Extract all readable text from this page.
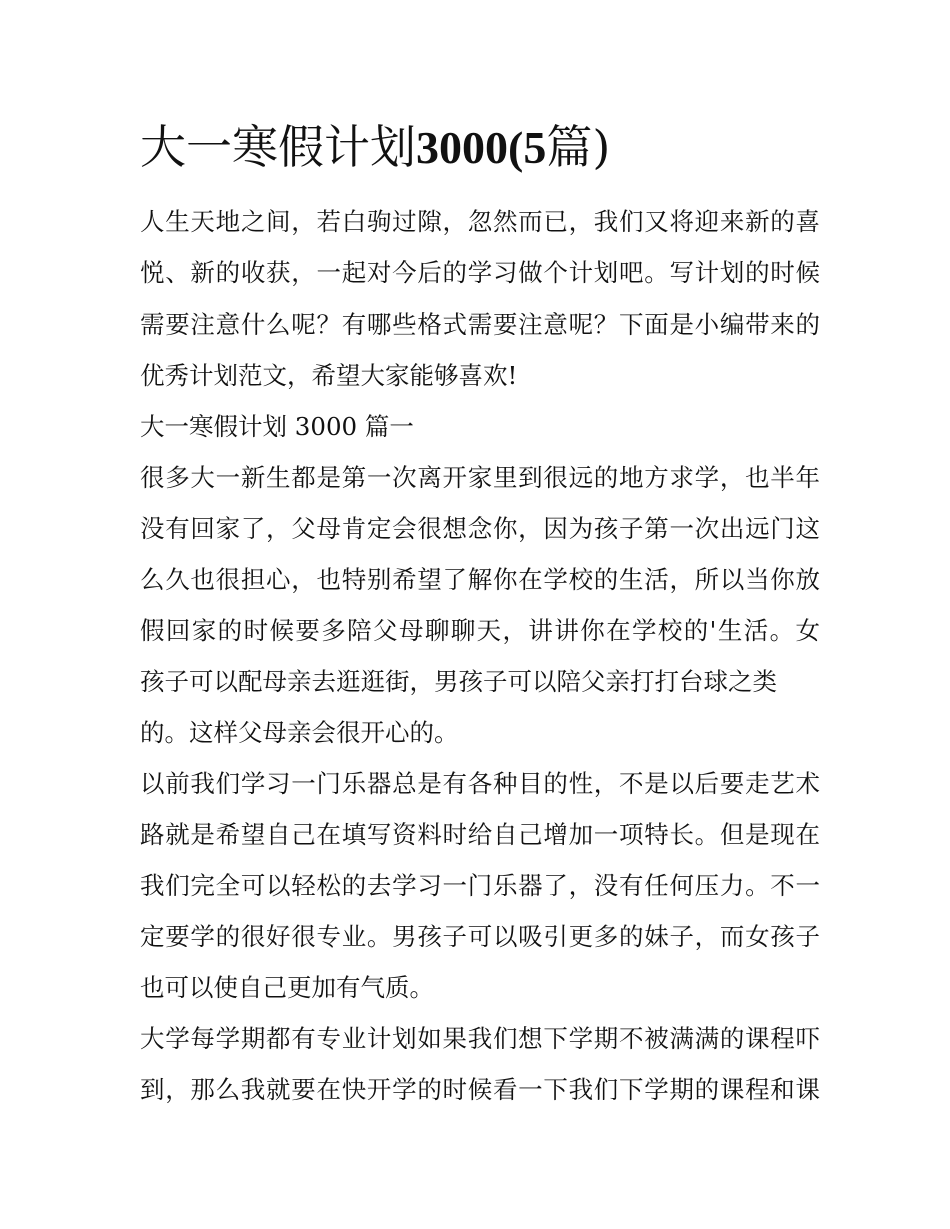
大一寒假计划3000(5篇)

人生天地之间，若白驹过隙，忽然而已，我们又将迎来新的喜

悦、新的收获，一起对今后的学习做个计划吧。写计划的时候

需要注意什么呢？有哪些格式需要注意呢？下面是小编带来的

优秀计划范文，希望大家能够喜欢!

大一寒假计划 3000 篇一

很多大一新生都是第一次离开家里到很远的地方求学，也半年

没有回家了，父母肯定会很想念你，因为孩子第一次出远门这

么久也很担心，也特别希望了解你在学校的生活，所以当你放

假回家的时候要多陪父母聊聊天，讲讲你在学校的'生活。女

孩子可以配母亲去逛逛街，男孩子可以陪父亲打打台球之类

的。这样父母亲会很开心的。

以前我们学习一门乐器总是有各种目的性，不是以后要走艺术

路就是希望自己在填写资料时给自己增加一项特长。但是现在

我们完全可以轻松的去学习一门乐器了，没有任何压力。不一

定要学的很好很专业。男孩子可以吸引更多的妹子，而女孩子

也可以使自己更加有气质。

大学每学期都有专业计划如果我们想下学期不被满满的课程吓

到，那么我就要在快开学的时候看一下我们下学期的课程和课
